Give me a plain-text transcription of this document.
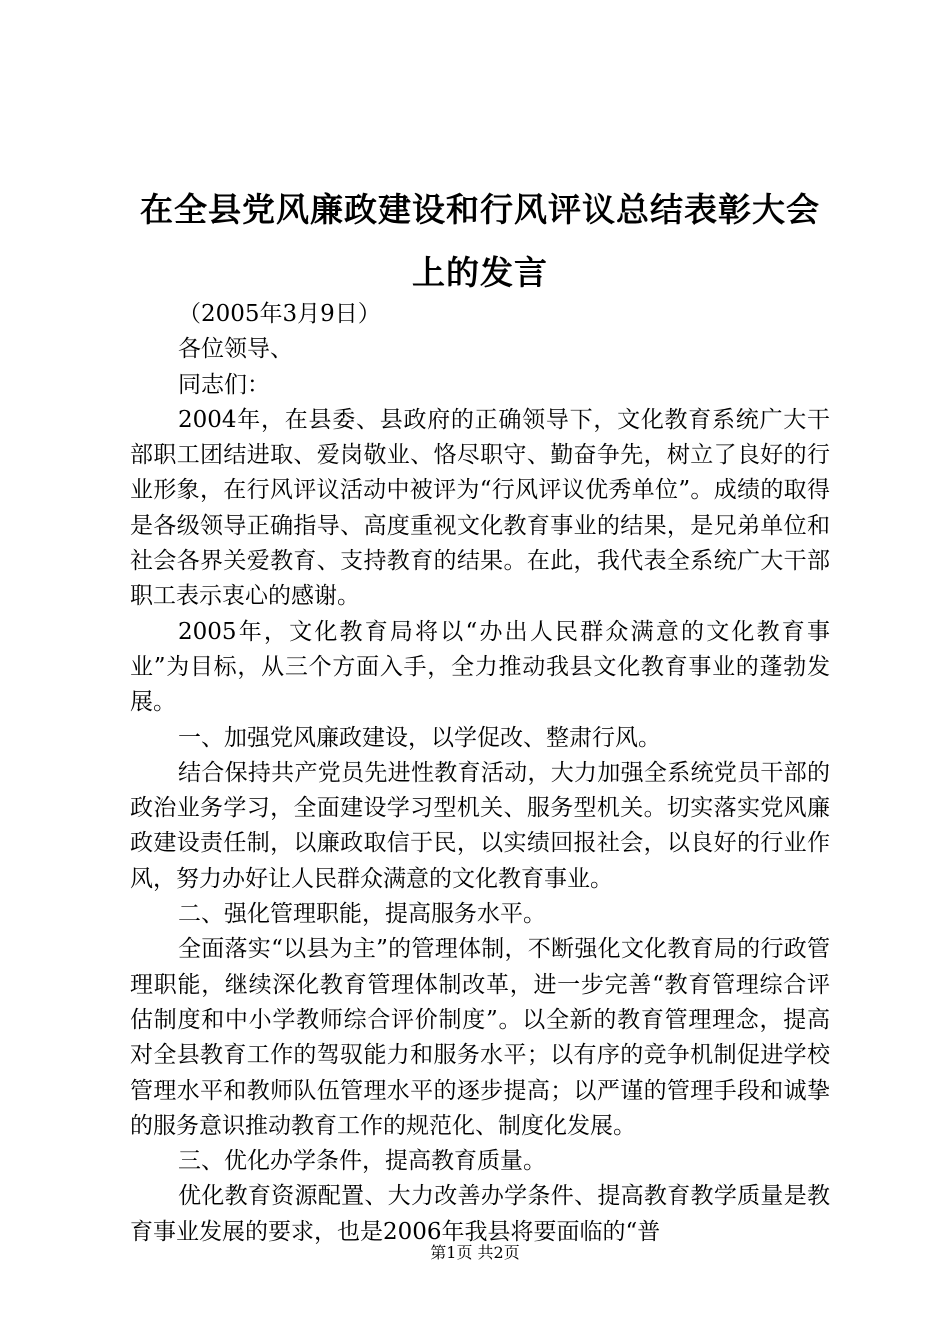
在全县党风廉政建设和行风评议总结表彰大会上的发言

（2005年3月9日）

各位领导、

同志们：

2004年，在县委、县政府的正确领导下，文化教育系统广大干部职工团结进取、爱岗敬业、恪尽职守、勤奋争先，树立了良好的行业形象，在行风评议活动中被评为“行风评议优秀单位”。成绩的取得是各级领导正确指导、高度重视文化教育事业的结果，是兄弟单位和社会各界关爱教育、支持教育的结果。在此，我代表全系统广大干部职工表示衷心的感谢。

2005年，文化教育局将以“办出人民群众满意的文化教育事业”为目标，从三个方面入手，全力推动我县文化教育事业的蓬勃发展。

一、加强党风廉政建设，以学促改、整肃行风。

结合保持共产党员先进性教育活动，大力加强全系统党员干部的政治业务学习，全面建设学习型机关、服务型机关。切实落实党风廉政建设责任制，以廉政取信于民，以实绩回报社会，以良好的行业作风，努力办好让人民群众满意的文化教育事业。

二、强化管理职能，提高服务水平。

全面落实“以县为主”的管理体制，不断强化文化教育局的行政管理职能，继续深化教育管理体制改革，进一步完善“教育管理综合评估制度和中小学教师综合评价制度”。以全新的教育管理理念，提高对全县教育工作的驾驭能力和服务水平；以有序的竞争机制促进学校管理水平和教师队伍管理水平的逐步提高；以严谨的管理手段和诚挚的服务意识推动教育工作的规范化、制度化发展。

三、优化办学条件，提高教育质量。

优化教育资源配置、大力改善办学条件、提高教育教学质量是教育事业发展的要求，也是2006年我县将要面临的“普

第1页 共2页
